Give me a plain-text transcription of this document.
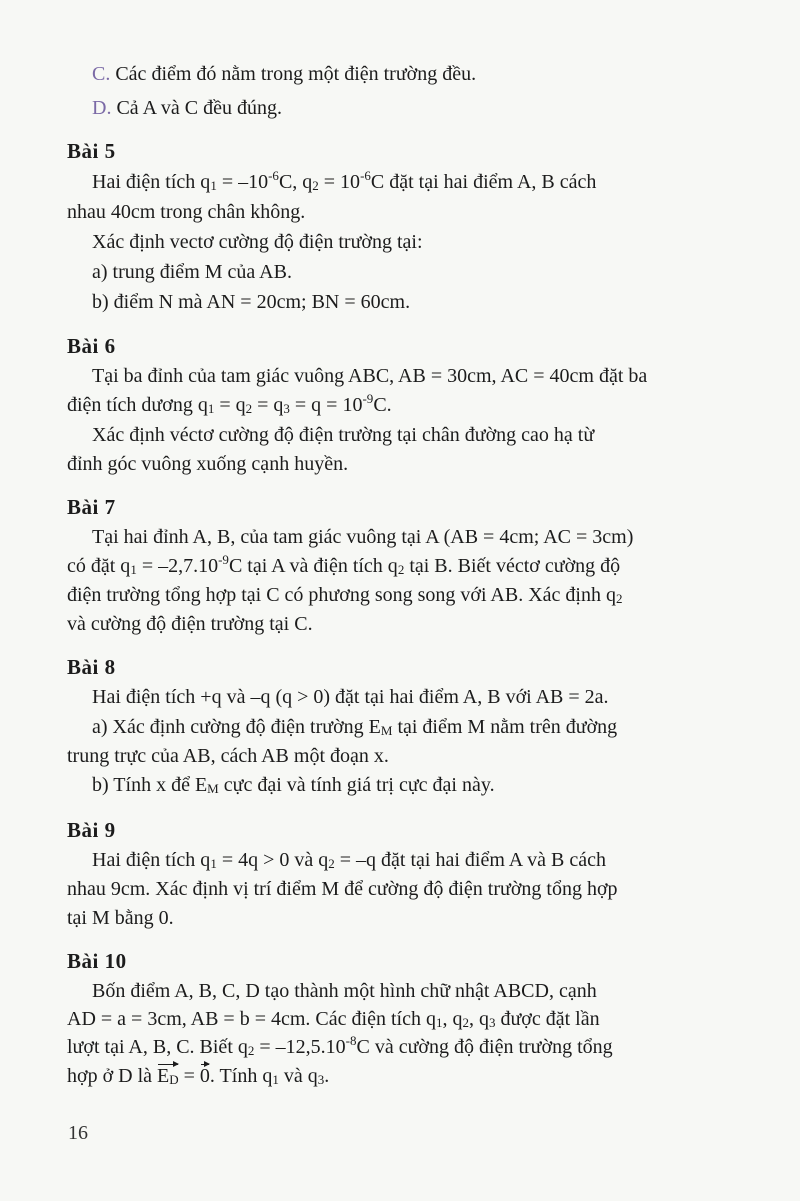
C. Các điểm đó nằm trong một điện trường đều.
D. Cả A và C đều đúng.
Bài 5
Hai điện tích $q_1 = -10^{-6}C$, $q_2 = 10^{-6}C$ đặt tại hai điểm A, B cách
nhau 40cm trong chân không.
Xác định vectơ cường độ điện trường tại:
a) trung điểm M của AB.
b) điểm N mà AN = 20cm; BN = 60cm.
Bài 6
Tại ba đỉnh của tam giác vuông ABC, AB = 30cm, AC = 40cm đặt ba
điện tích dương $q_1 = q_2 = q_3 = q = 10^{-9}C$.
Xác định véctơ cường độ điện trường tại chân đường cao hạ từ
đỉnh góc vuông xuống cạnh huyền.
Bài 7
Tại hai đỉnh A, B, của tam giác vuông tại A (AB = 4cm; AC = 3cm)
có đặt $q_1 = -2,7.10^{-9}C$ tại A và điện tích $q_2$ tại B. Biết véctơ cường độ
điện trường tổng hợp tại C có phương song song với AB. Xác định $q_2$
và cường độ điện trường tại C.
Bài 8
Hai điện tích +q và –q (q > 0) đặt tại hai điểm A, B với AB = 2a.
a) Xác định cường độ điện trường $E_M$ tại điểm M nằm trên đường
trung trực của AB, cách AB một đoạn x.
b) Tính x để $E_M$ cực đại và tính giá trị cực đại này.
Bài 9
Hai điện tích $q_1 = 4q > 0$ và $q_2 = -q$ đặt tại hai điểm A và B cách
nhau 9cm. Xác định vị trí điểm M để cường độ điện trường tổng hợp
tại M bằng 0.
Bài 10
Bốn điểm A, B, C, D tạo thành một hình chữ nhật ABCD, cạnh
AD = a = 3cm, AB = b = 4cm. Các điện tích $q_1$, $q_2$, $q_3$ được đặt lần
lượt tại A, B, C. Biết $q_2 = -12,5.10^{-8}C$ và cường độ điện trường tổng
hợp ở D là $E_D = 0$. Tính $q_1$ và $q_3$.
16
